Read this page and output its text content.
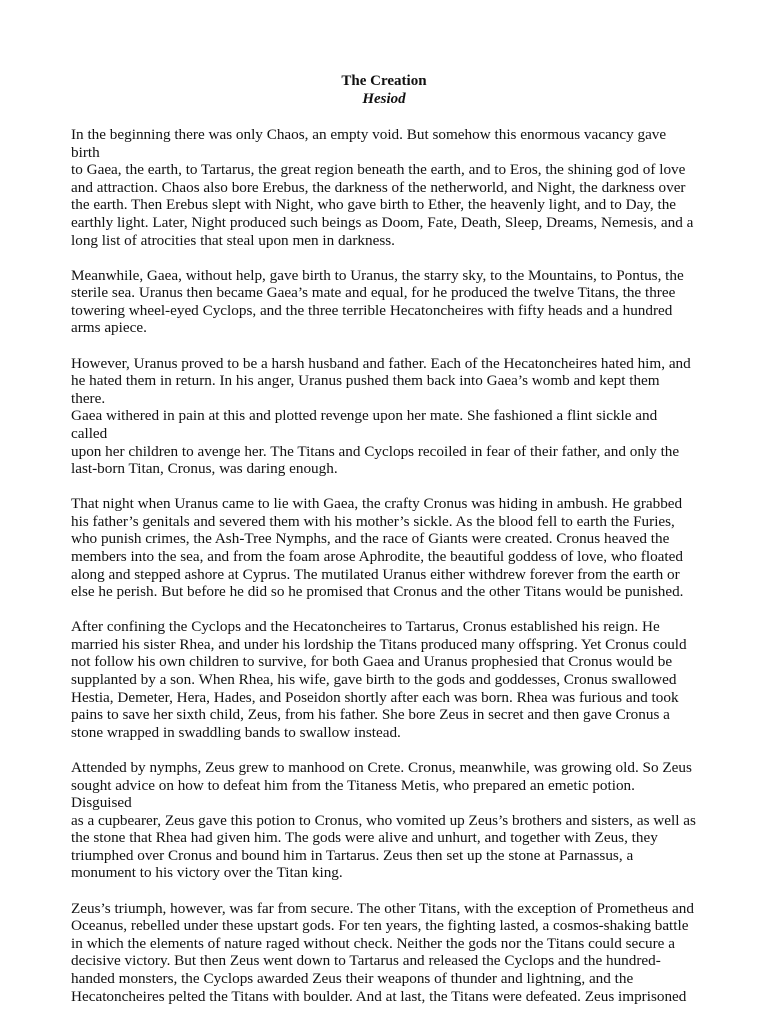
The Creation
Hesiod

In the beginning there was only Chaos, an empty void. But somehow this enormous vacancy gave birth
to Gaea, the earth, to Tartarus, the great region beneath the earth, and to Eros, the shining god of love
and attraction. Chaos also bore Erebus, the darkness of the netherworld, and Night, the darkness over
the earth. Then Erebus slept with Night, who gave birth to Ether, the heavenly light, and to Day, the
earthly light. Later, Night produced such beings as Doom, Fate, Death, Sleep, Dreams, Nemesis, and a
long list of atrocities that steal upon men in darkness.

Meanwhile, Gaea, without help, gave birth to Uranus, the starry sky, to the Mountains, to Pontus, the
sterile sea. Uranus then became Gaea’s mate and equal, for he produced the twelve Titans, the three
towering wheel-eyed Cyclops, and the three terrible Hecatoncheires with fifty heads and a hundred
arms apiece.

However, Uranus proved to be a harsh husband and father. Each of the Hecatoncheires hated him, and
he hated them in return. In his anger, Uranus pushed them back into Gaea’s womb and kept them there.
Gaea withered in pain at this and plotted revenge upon her mate. She fashioned a flint sickle and called
upon her children to avenge her. The Titans and Cyclops recoiled in fear of their father, and only the
last-born Titan, Cronus, was daring enough.

That night when Uranus came to lie with Gaea, the crafty Cronus was hiding in ambush. He grabbed
his father’s genitals and severed them with his mother’s sickle. As the blood fell to earth the Furies,
who punish crimes, the Ash-Tree Nymphs, and the race of Giants were created. Cronus heaved the
members into the sea, and from the foam arose Aphrodite, the beautiful goddess of love, who floated
along and stepped ashore at Cyprus. The mutilated Uranus either withdrew forever from the earth or
else he perish. But before he did so he promised that Cronus and the other Titans would be punished.

After confining the Cyclops and the Hecatoncheires to Tartarus, Cronus established his reign. He
married his sister Rhea, and under his lordship the Titans produced many offspring. Yet Cronus could
not follow his own children to survive, for both Gaea and Uranus prophesied that Cronus would be
supplanted by a son. When Rhea, his wife, gave birth to the gods and goddesses, Cronus swallowed
Hestia, Demeter, Hera, Hades, and Poseidon shortly after each was born. Rhea was furious and took
pains to save her sixth child, Zeus, from his father. She bore Zeus in secret and then gave Cronus a
stone wrapped in swaddling bands to swallow instead.

Attended by nymphs, Zeus grew to manhood on Crete. Cronus, meanwhile, was growing old. So Zeus
sought advice on how to defeat him from the Titaness Metis, who prepared an emetic potion. Disguised
as a cupbearer, Zeus gave this potion to Cronus, who vomited up Zeus’s brothers and sisters, as well as
the stone that Rhea had given him. The gods were alive and unhurt, and together with Zeus, they
triumphed over Cronus and bound him in Tartarus. Zeus then set up the stone at Parnassus, a
monument to his victory over the Titan king.

Zeus’s triumph, however, was far from secure. The other Titans, with the exception of Prometheus and
Oceanus, rebelled under these upstart gods. For ten years, the fighting lasted, a cosmos-shaking battle
in which the elements of nature raged without check. Neither the gods nor the Titans could secure a
decisive victory. But then Zeus went down to Tartarus and released the Cyclops and the hundred-
handed monsters, the Cyclops awarded Zeus their weapons of thunder and lightning, and the
Hecatoncheires pelted the Titans with boulder. And at last, the Titans were defeated. Zeus imprisoned
